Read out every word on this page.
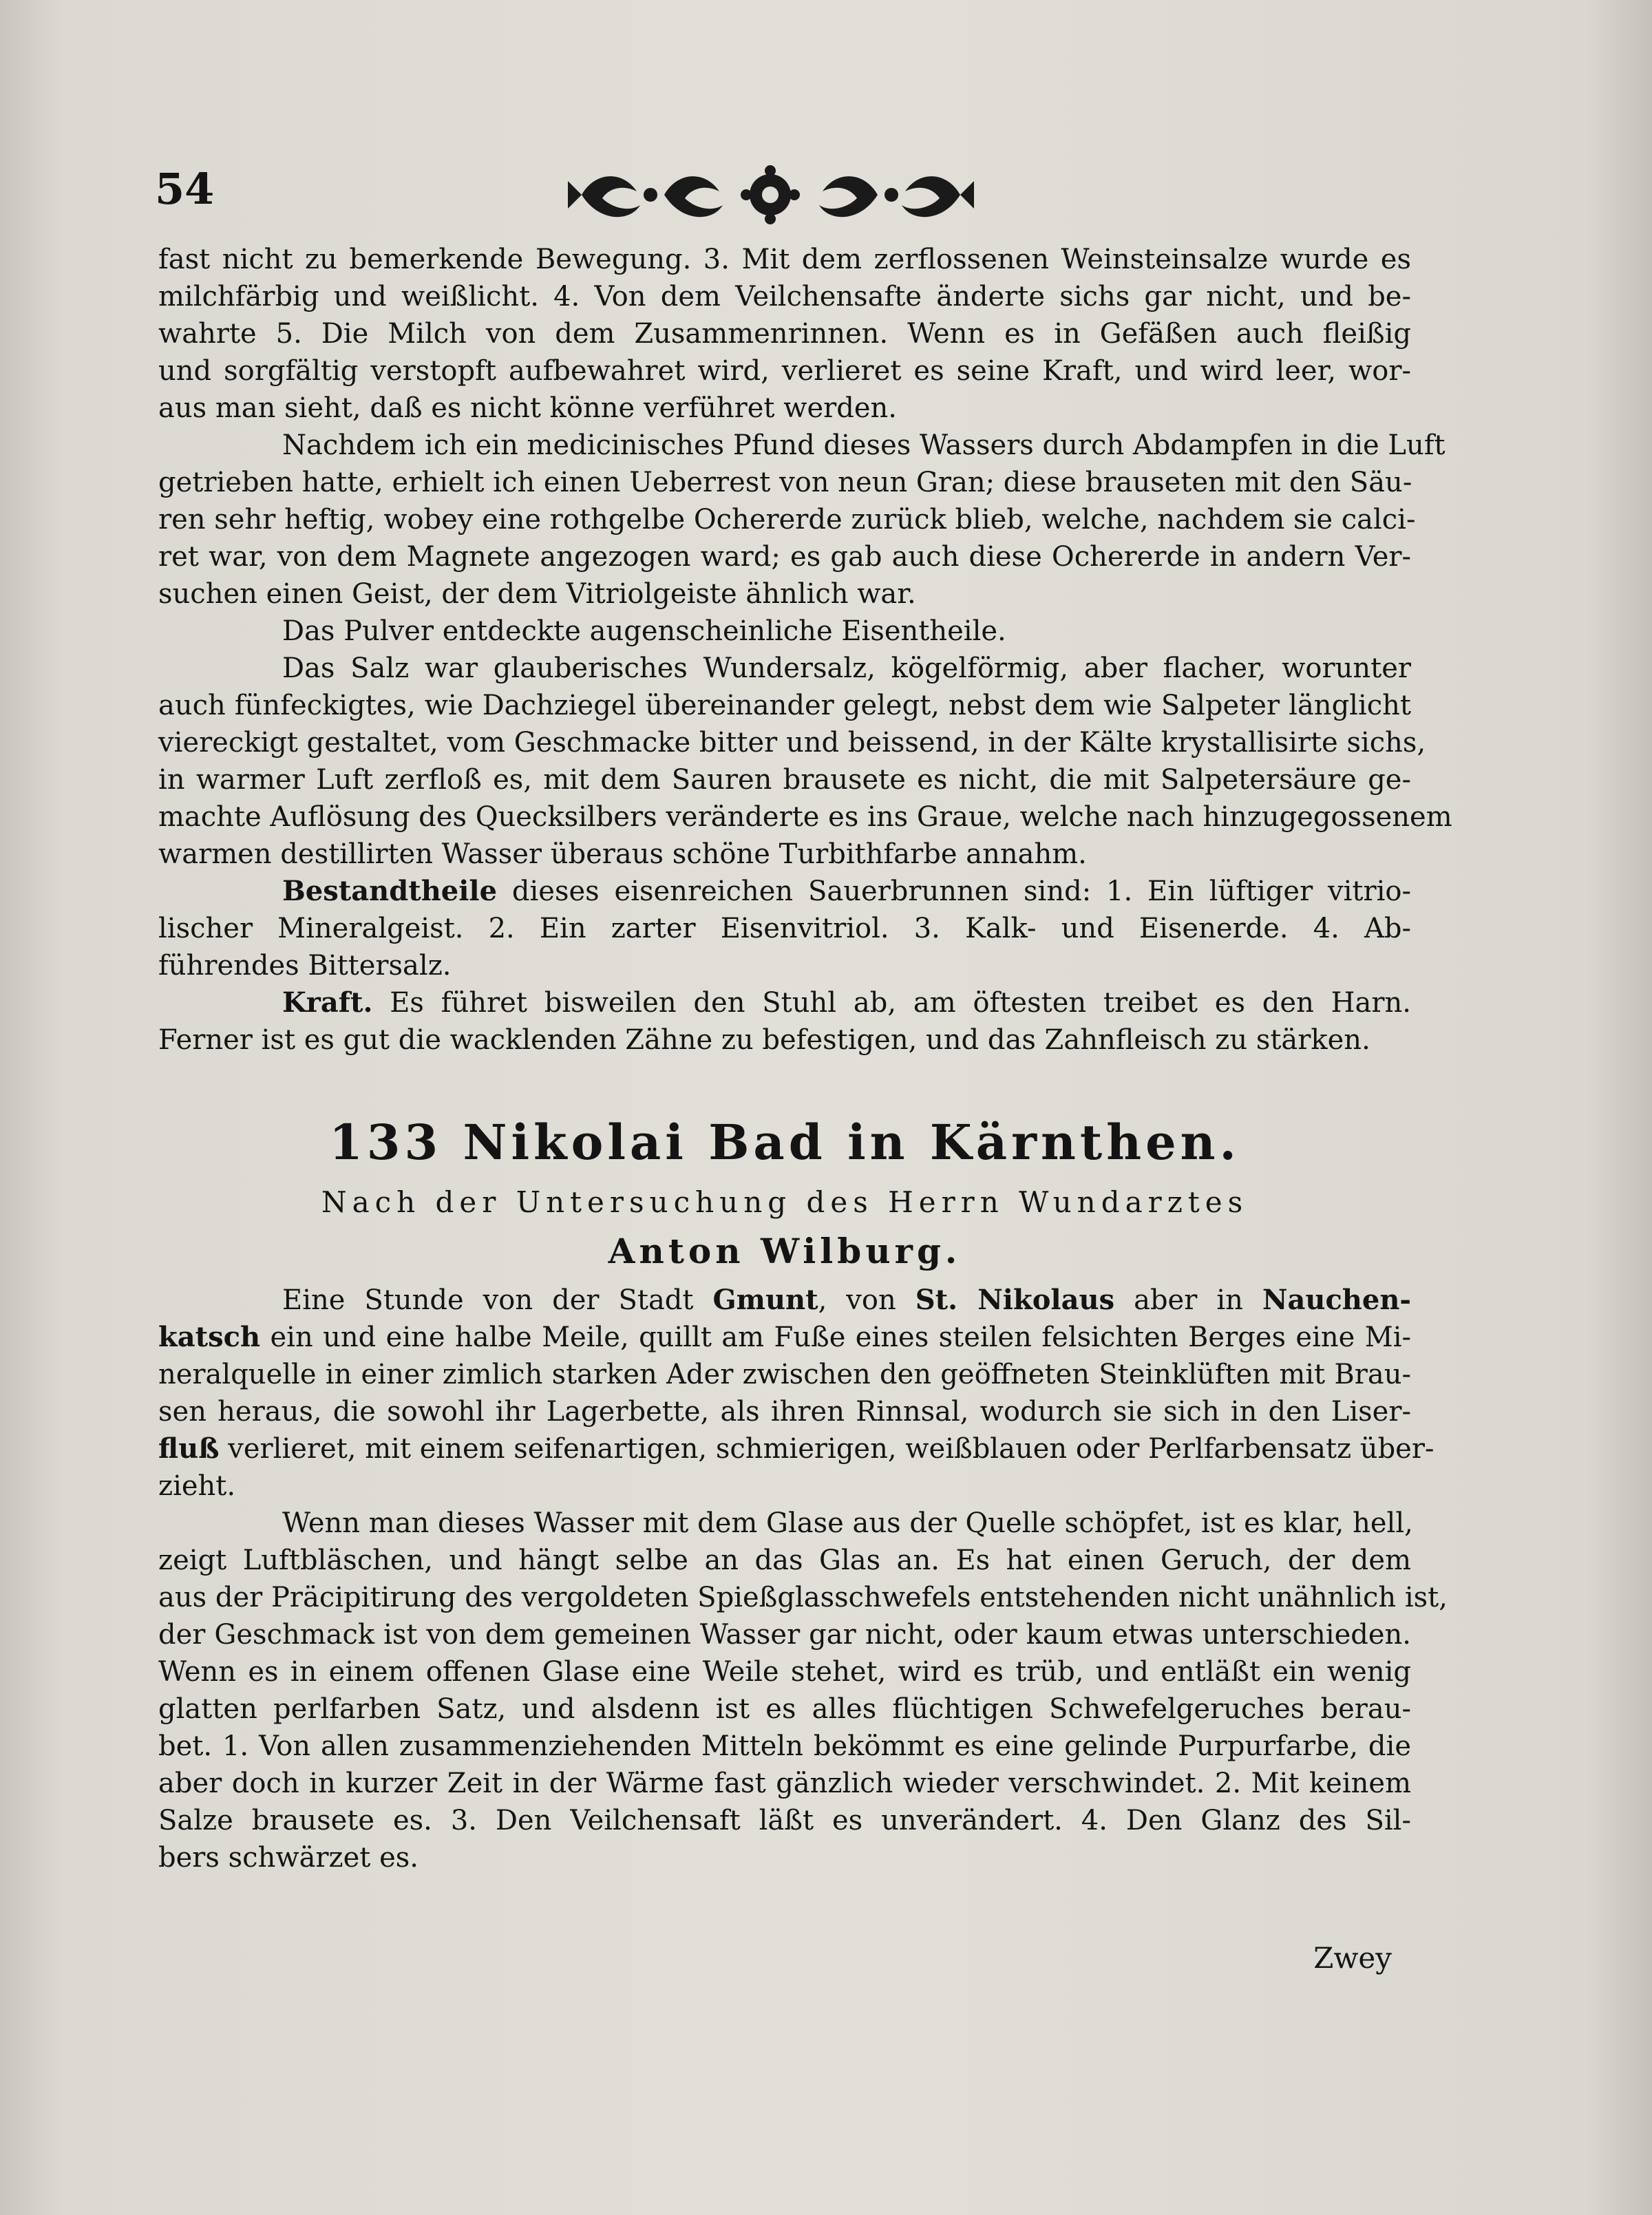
54
fast nicht zu bemerkende Bewegung. 3. Mit dem zerflossenen Weinsteinsalze wurde es
milchfärbig und weißlicht. 4. Von dem Veilchensafte änderte sichs gar nicht, und be-
wahrte 5. Die Milch von dem Zusammenrinnen. Wenn es in Gefäßen auch fleißig
und sorgfältig verstopft aufbewahret wird, verlieret es seine Kraft, und wird leer, wor-
aus man sieht, daß es nicht könne verführet werden.
Nachdem ich ein medicinisches Pfund dieses Wassers durch Abdampfen in die Luft
getrieben hatte, erhielt ich einen Ueberrest von neun Gran; diese brauseten mit den Säu-
ren sehr heftig, wobey eine rothgelbe Ochererde zurück blieb, welche, nachdem sie calci-
ret war, von dem Magnete angezogen ward; es gab auch diese Ochererde in andern Ver-
suchen einen Geist, der dem Vitriolgeiste ähnlich war.
Das Pulver entdeckte augenscheinliche Eisentheile.
Das Salz war glauberisches Wundersalz, kögelförmig, aber flacher, worunter
auch fünfeckigtes, wie Dachziegel übereinander gelegt, nebst dem wie Salpeter länglicht
viereckigt gestaltet, vom Geschmacke bitter und beissend, in der Kälte krystallisirte sichs,
in warmer Luft zerfloß es, mit dem Sauren brausete es nicht, die mit Salpetersäure ge-
machte Auflösung des Quecksilbers veränderte es ins Graue, welche nach hinzugegossenem
warmen destillirten Wasser überaus schöne Turbithfarbe annahm.
Bestandtheile dieses eisenreichen Sauerbrunnen sind: 1. Ein lüftiger vitrio-
lischer Mineralgeist. 2. Ein zarter Eisenvitriol. 3. Kalk- und Eisenerde. 4. Ab-
führendes Bittersalz.
Kraft. Es führet bisweilen den Stuhl ab, am öftesten treibet es den Harn.
Ferner ist es gut die wacklenden Zähne zu befestigen, und das Zahnfleisch zu stärken.
133 Nikolai Bad in Kärnthen.
Nach der Untersuchung des Herrn Wundarztes
Anton Wilburg.
Eine Stunde von der Stadt Gmunt, von St. Nikolaus aber in Nauchen-
katsch ein und eine halbe Meile, quillt am Fuße eines steilen felsichten Berges eine Mi-
neralquelle in einer zimlich starken Ader zwischen den geöffneten Steinklüften mit Brau-
sen heraus, die sowohl ihr Lagerbette, als ihren Rinnsal, wodurch sie sich in den Liser-
fluß verlieret, mit einem seifenartigen, schmierigen, weißblauen oder Perlfarbensatz über-
zieht.
Wenn man dieses Wasser mit dem Glase aus der Quelle schöpfet, ist es klar, hell,
zeigt Luftbläschen, und hängt selbe an das Glas an. Es hat einen Geruch, der dem
aus der Präcipitirung des vergoldeten Spießglasschwefels entstehenden nicht unähnlich ist,
der Geschmack ist von dem gemeinen Wasser gar nicht, oder kaum etwas unterschieden.
Wenn es in einem offenen Glase eine Weile stehet, wird es trüb, und entläßt ein wenig
glatten perlfarben Satz, und alsdenn ist es alles flüchtigen Schwefelgeruches berau-
bet. 1. Von allen zusammenziehenden Mitteln bekömmt es eine gelinde Purpurfarbe, die
aber doch in kurzer Zeit in der Wärme fast gänzlich wieder verschwindet. 2. Mit keinem
Salze brausete es. 3. Den Veilchensaft läßt es unverändert. 4. Den Glanz des Sil-
bers schwärzet es.
Zwey
